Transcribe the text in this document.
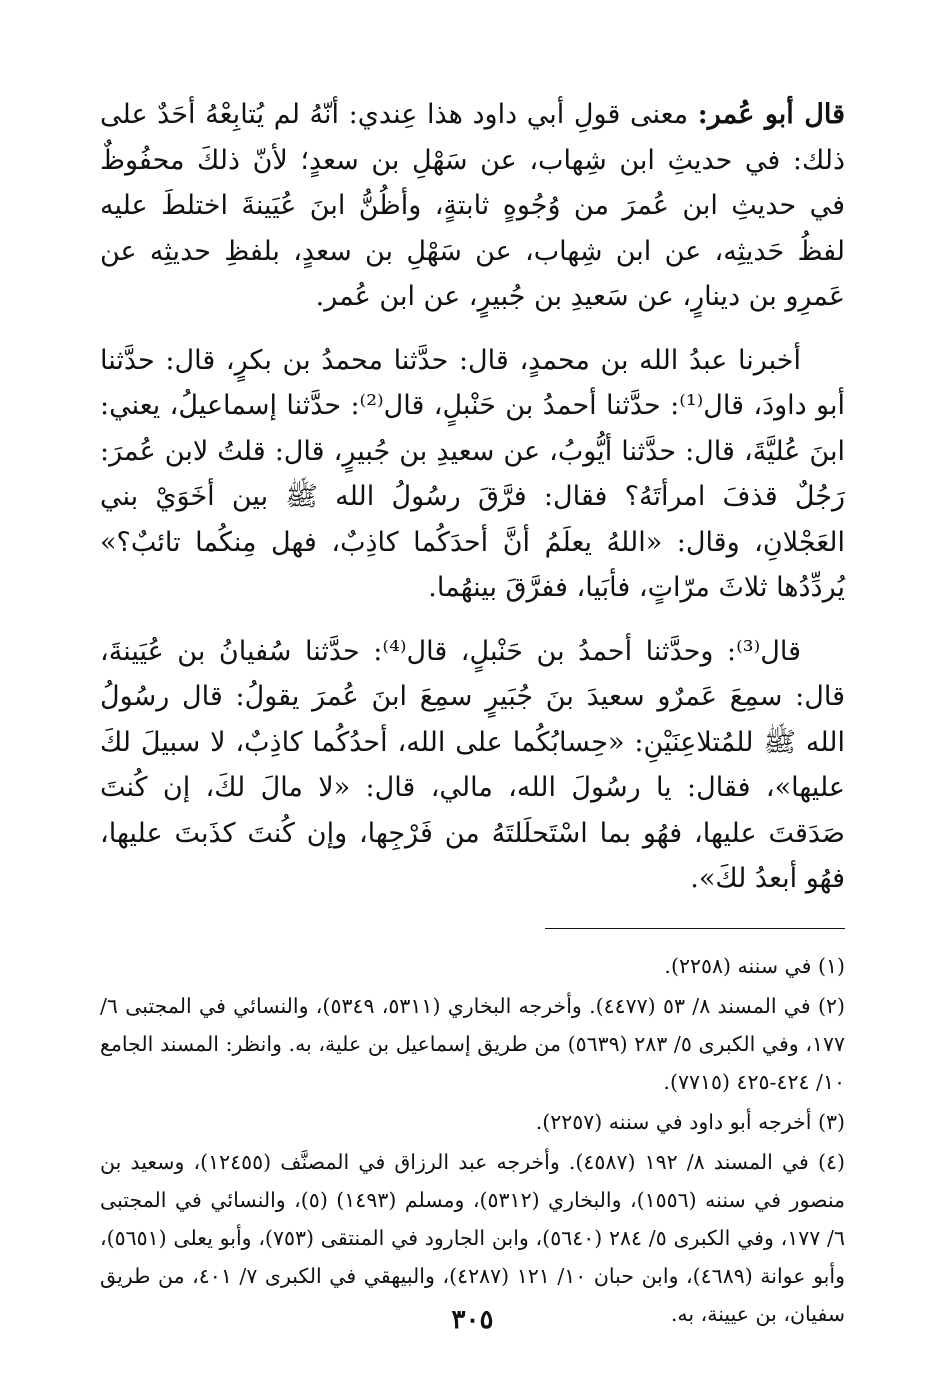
قال أبو عُمر: معنى قولِ أبي داود هذا عِندي: أنّهُ لم يُتابِعْهُ أحَدٌ على ذلك: في حديثِ ابن شِهاب، عن سَهْلِ بن سعدٍ؛ لأنّ ذلكَ محفُوظٌ في حديثِ ابن عُمرَ من وُجُوهٍ ثابتةٍ، وأظُنُّ ابنَ عُيَينةَ اختلطَ عليه لفظُ حَديثِه، عن ابن شِهاب، عن سَهْلِ بن سعدٍ، بلفظِ حديثِه عن عَمرِو بن دينارٍ، عن سَعيدِ بن جُبيرٍ، عن ابن عُمر.

أخبرنا عبدُ الله بن محمدٍ، قال: حدَّثنا محمدُ بن بكرٍ، قال: حدَّثنا أبو داودَ، قال⁽¹⁾: حدَّثنا أحمدُ بن حَنْبلٍ، قال⁽²⁾: حدَّثنا إسماعيلُ، يعني: ابنَ عُليَّةَ، قال: حدَّثنا أيُّوبُ، عن سعيدِ بن جُبيرٍ، قال: قلتُ لابن عُمرَ: رَجُلٌ قذفَ امرأتَهُ؟ فقال: فرَّقَ رسُولُ الله ﷺ بين أخَوَيْ بني العَجْلانِ، وقال: «اللهُ يعلَمُ أنَّ أحدَكُما كاذِبٌ، فهل مِنكُما تائبٌ؟» يُردِّدُها ثلاثَ مرّاتٍ، فأبَيا، ففرَّقَ بينهُما.

قال⁽³⁾: وحدَّثنا أحمدُ بن حَنْبلٍ، قال⁽⁴⁾: حدَّثنا سُفيانُ بن عُيَينةَ، قال: سمِعَ عَمرٌو سعيدَ بنَ جُبَيرٍ سمِعَ ابنَ عُمرَ يقولُ: قال رسُولُ الله ﷺ للمُتلاعِنَيْنِ: «حِسابُكُما على الله، أحدُكُما كاذِبٌ، لا سبيلَ لكَ عليها»، فقال: يا رسُولَ الله، مالي، قال: «لا مالَ لكَ، إن كُنتَ صَدَقتَ عليها، فهُو بما اسْتَحلَلتَهُ من فَرْجِها، وإن كُنتَ كذَبتَ عليها، فهُو أبعدُ لكَ».

(١) في سننه (٢٢٥٨).

(٢) في المسند ٨/ ٥٣ (٤٤٧٧). وأخرجه البخاري (٥٣١١، ٥٣٤٩)، والنسائي في المجتبى ٦/ ١٧٧، وفي الكبرى ٥/ ٢٨٣ (٥٦٣٩) من طريق إسماعيل بن علية، به. وانظر: المسند الجامع ١٠/ ٤٢٤-٤٢٥ (٧٧١٥).

(٣) أخرجه أبو داود في سننه (٢٢٥٧).

(٤) في المسند ٨/ ١٩٢ (٤٥٨٧). وأخرجه عبد الرزاق في المصنَّف (١٢٤٥٥)، وسعيد بن منصور في سننه (١٥٥٦)، والبخاري (٥٣١٢)، ومسلم (١٤٩٣) (٥)، والنسائي في المجتبى ٦/ ١٧٧، وفي الكبرى ٥/ ٢٨٤ (٥٦٤٠)، وابن الجارود في المنتقى (٧٥٣)، وأبو يعلى (٥٦٥١)، وأبو عوانة (٤٦٨٩)، وابن حبان ١٠/ ١٢١ (٤٢٨٧)، والبيهقي في الكبرى ٧/ ٤٠١، من طريق سفيان، بن عيينة، به.

٣٠٥
